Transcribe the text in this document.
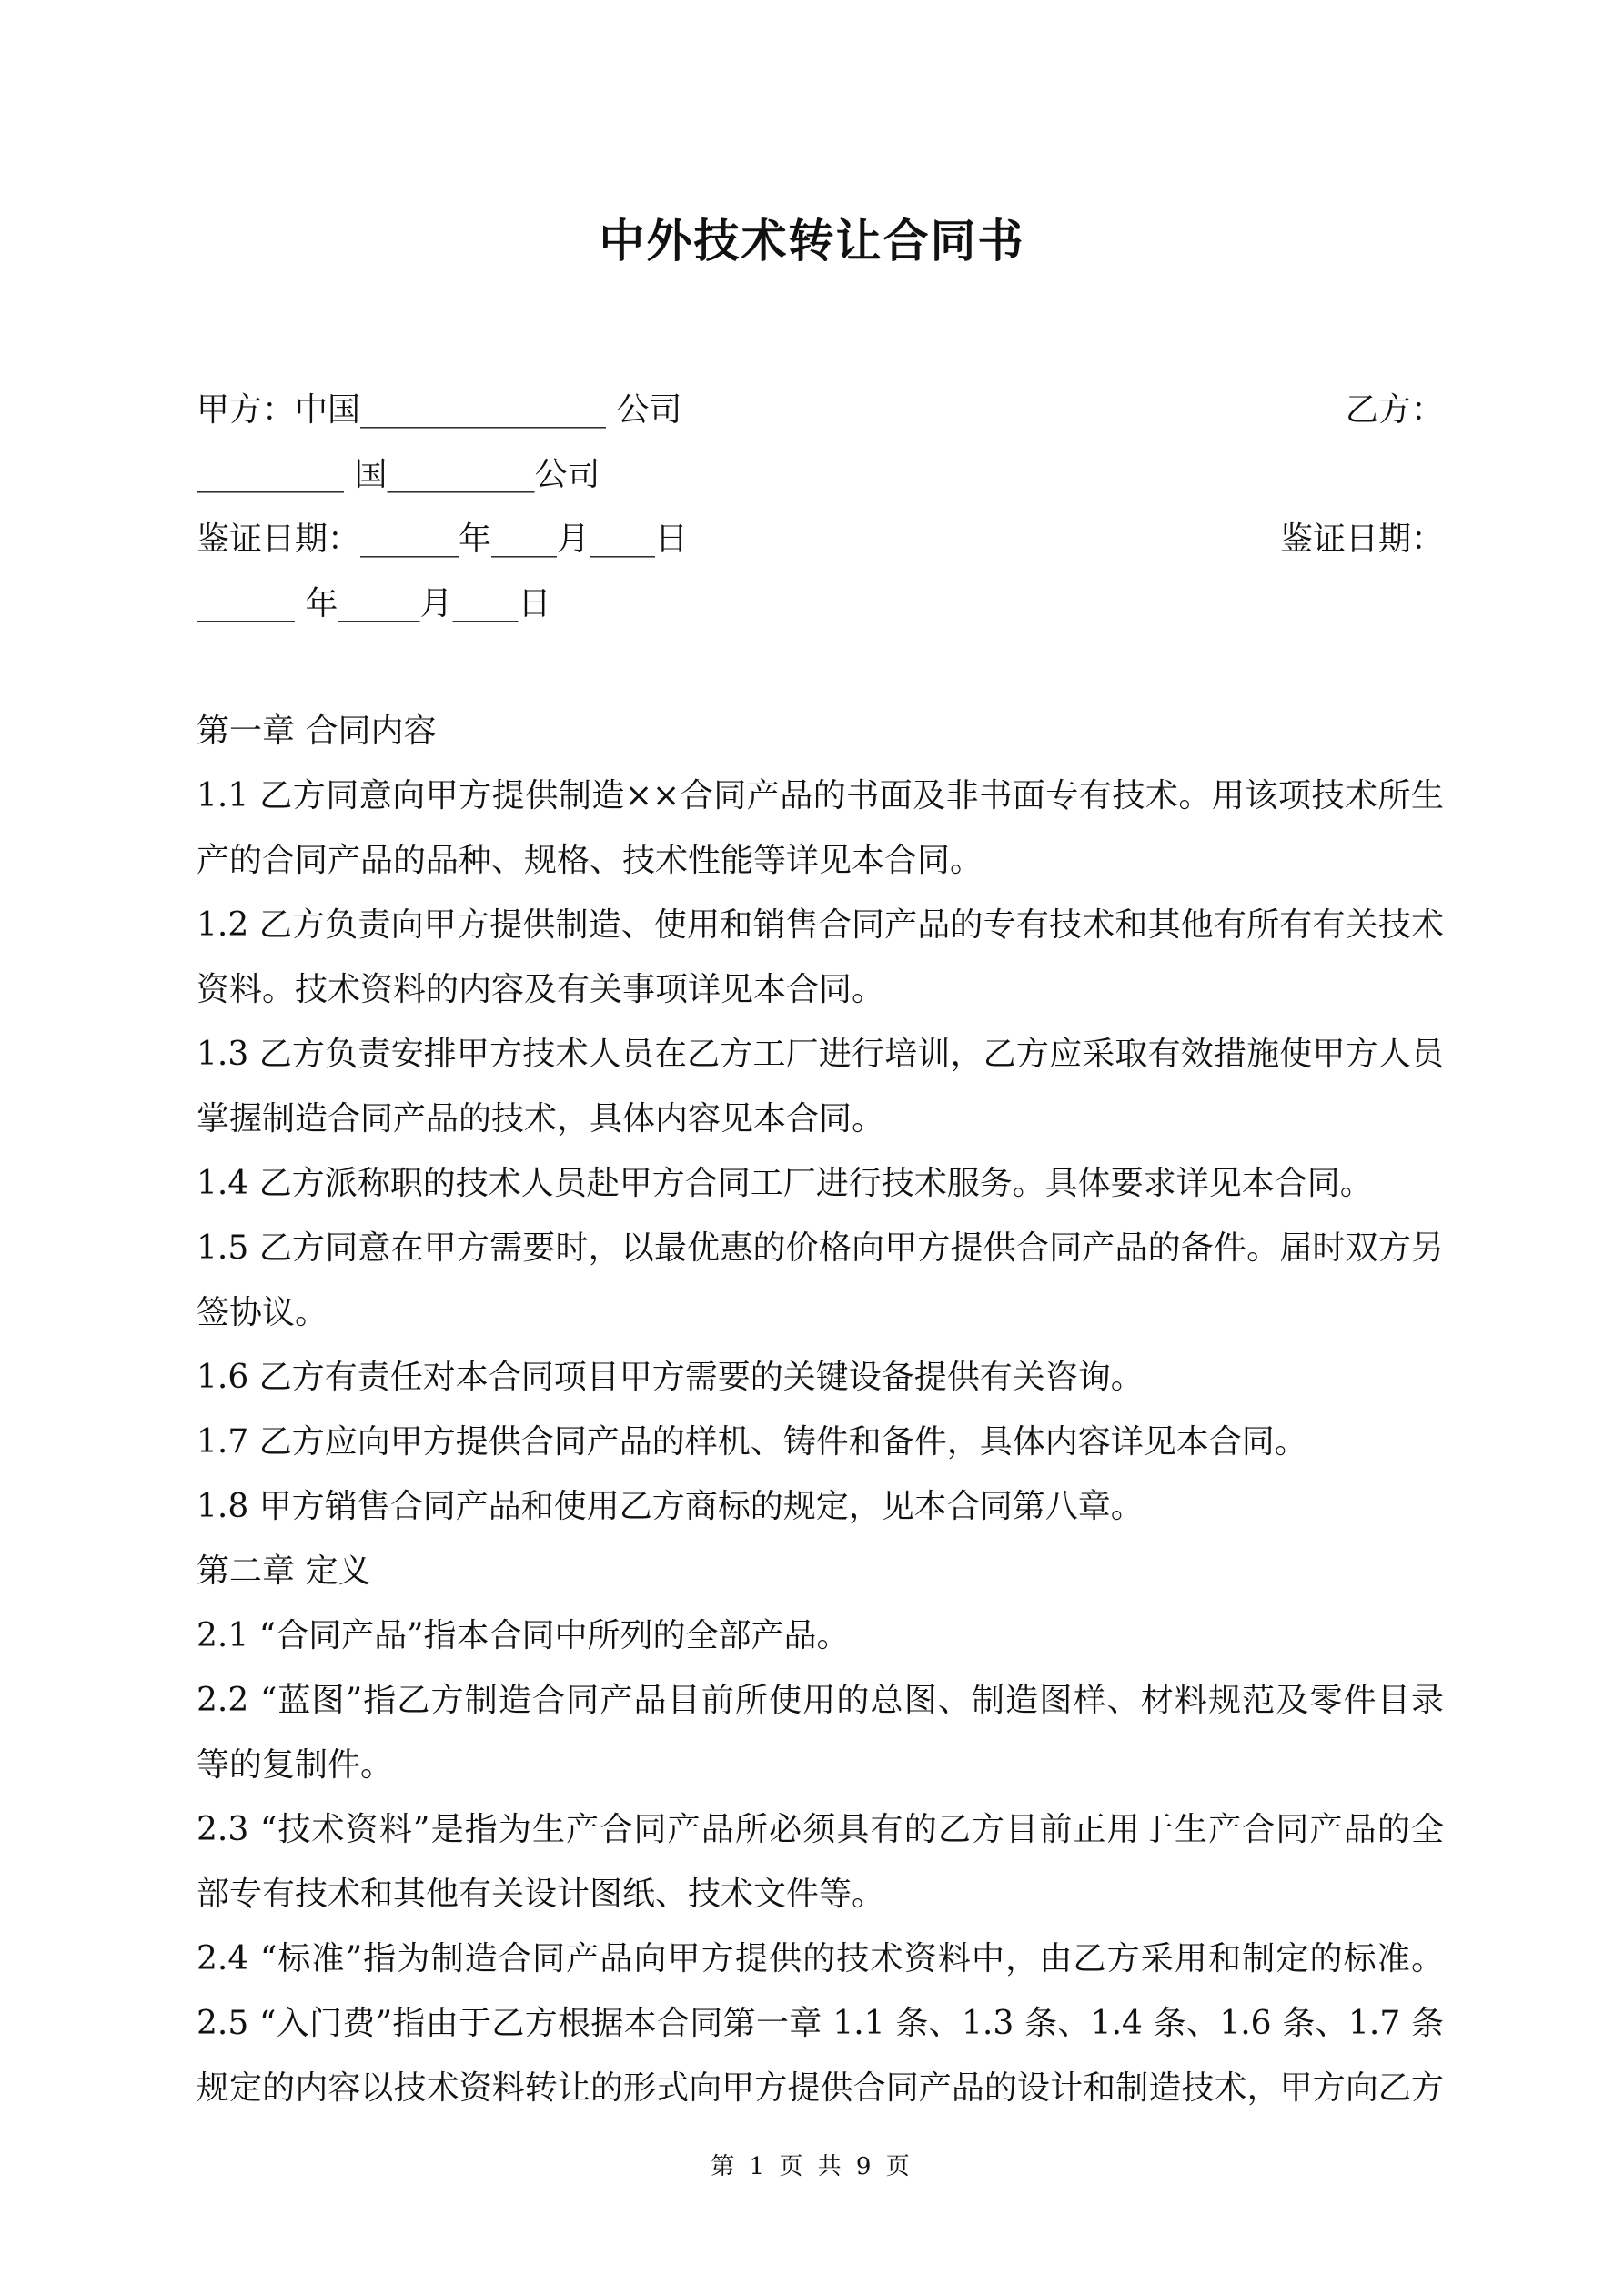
中外技术转让合同书
甲方：中国_______________ 公司	乙方：
_________ 国_________公司
鉴证日期：______年____月____日	鉴证日期：
______ 年_____月____日
第一章 合同内容
1.1 乙方同意向甲方提供制造××合同产品的书面及非书面专有技术。用该项技术所生
产的合同产品的品种、规格、技术性能等详见本合同。
1.2 乙方负责向甲方提供制造、使用和销售合同产品的专有技术和其他有所有有关技术
资料。技术资料的内容及有关事项详见本合同。
1.3 乙方负责安排甲方技术人员在乙方工厂进行培训，乙方应采取有效措施使甲方人员
掌握制造合同产品的技术，具体内容见本合同。
1.4 乙方派称职的技术人员赴甲方合同工厂进行技术服务。具体要求详见本合同。
1.5 乙方同意在甲方需要时，以最优惠的价格向甲方提供合同产品的备件。届时双方另
签协议。
1.6 乙方有责任对本合同项目甲方需要的关键设备提供有关咨询。
1.7 乙方应向甲方提供合同产品的样机、铸件和备件，具体内容详见本合同。
1.8 甲方销售合同产品和使用乙方商标的规定，见本合同第八章。
第二章 定义
2.1 “合同产品”指本合同中所列的全部产品。
2.2 “蓝图”指乙方制造合同产品目前所使用的总图、制造图样、材料规范及零件目录
等的复制件。
2.3 “技术资料”是指为生产合同产品所必须具有的乙方目前正用于生产合同产品的全
部专有技术和其他有关设计图纸、技术文件等。
2.4 “标准”指为制造合同产品向甲方提供的技术资料中，由乙方采用和制定的标准。
2.5 “入门费”指由于乙方根据本合同第一章 1.1 条、1.3 条、1.4 条、1.6 条、1.7 条
规定的内容以技术资料转让的形式向甲方提供合同产品的设计和制造技术，甲方向乙方
第 1 页 共 9 页
